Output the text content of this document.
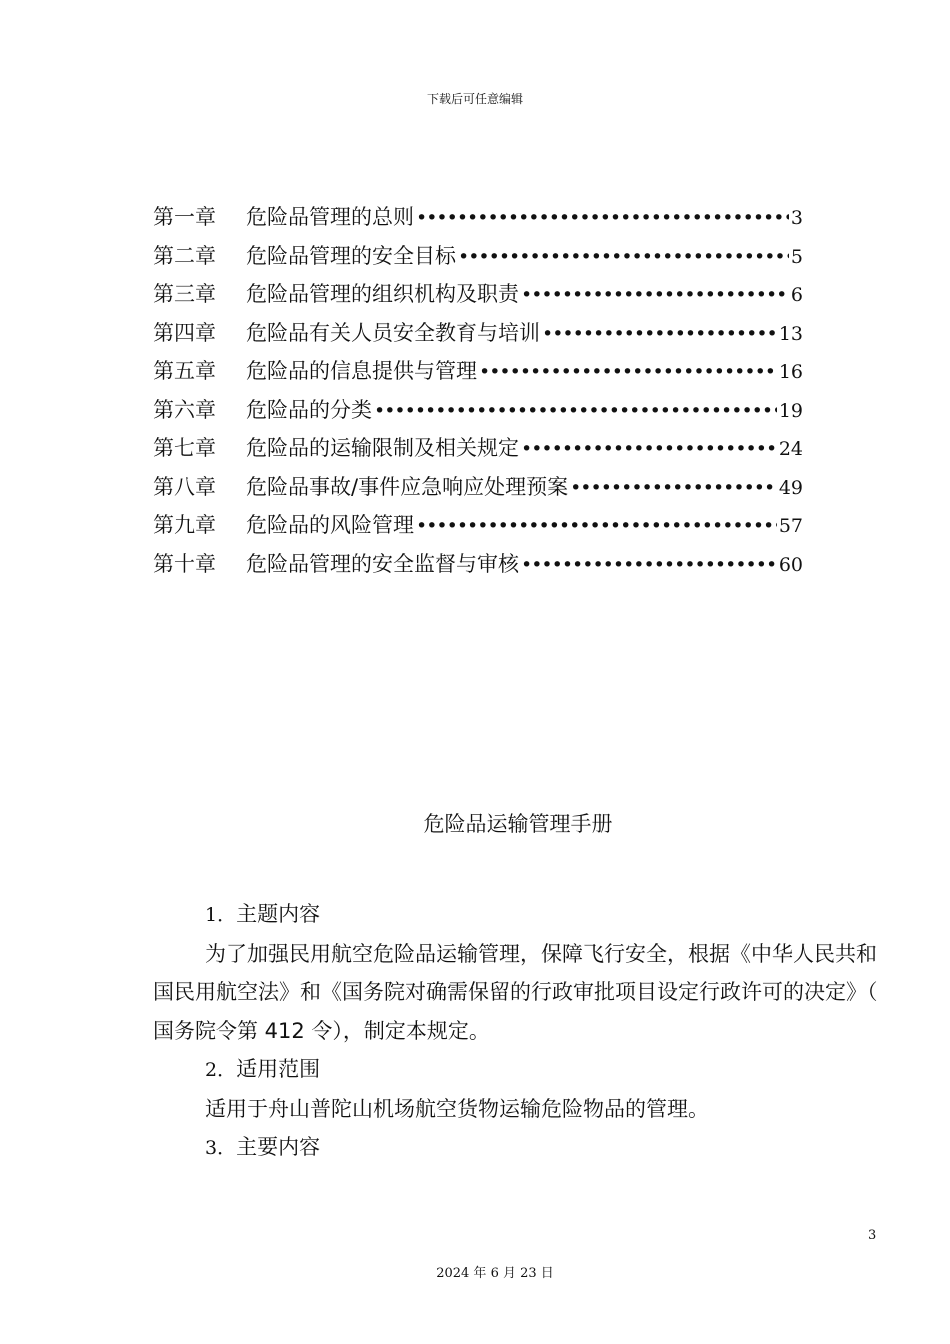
下载后可任意编辑
第一章	危险品管理的总则 •••••	3
第二章	危险品管理的安全目标 •••••	5
第三章	危险品管理的组织机构及职责 •••••	6
第四章	危险品有关人员安全教育与培训 •••••	13
第五章	危险品的信息提供与管理 •••••	16
第六章	危险品的分类 •••••	19
第七章	危险品的运输限制及相关规定 •••••	24
第八章	危险品事故/事件应急响应处理预案 •••••	49
第九章	危险品的风险管理 •••••	57
第十章	危险品管理的安全监督与审核 •••••	60
危险品运输管理手册

1．主题内容

为了加强民用航空危险品运输管理，保障飞行安全，根据《中华人民共和国民用航空法》和《国务院对确需保留的行政审批项目设定行政许可的决定》（ 国务院令第 412 令），制定本规定。

2．适用范围

适用于舟山普陀山机场航空货物运输危险物品的管理。

3．主要内容

3
2024 年 6 月 23 日
